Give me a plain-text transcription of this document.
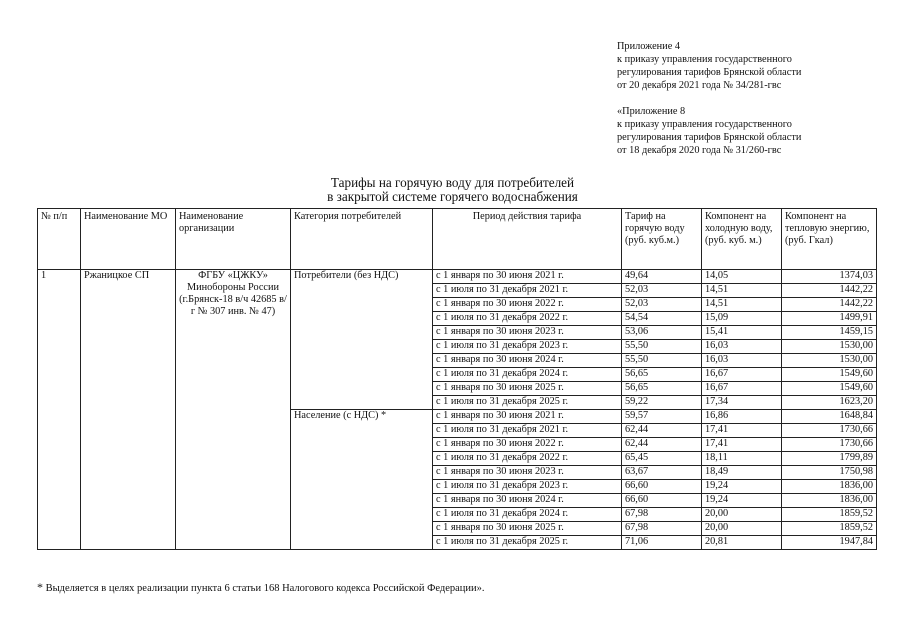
Приложение 4
к приказу управления государственного
регулирования тарифов Брянской области
от 20 декабря 2021 года № 34/281-гвс
«Приложение 8
к приказу управления государственного
регулирования тарифов Брянской области
от 18 декабря 2020 года № 31/260-гвс
Тарифы на горячую воду для потребителей
в закрытой системе горячего водоснабжения
№ п/п	Наименование МО	Наименование организации	Категория потребителей	Период действия тарифа	Тариф на горячую воду (руб. куб.м.)	Компонент на холодную воду, (руб. куб. м.)	Компонент на тепловую энергию, (руб. Гкал)
1	Ржаницкое СП	ФГБУ «ЦЖКУ» Минобороны России (г.Брянск-18 в/ч 42685 в/г № 307 инв. № 47)	Потребители (без НДС)	с 1 января по 30 июня 2021 г.	49,64	14,05	1374,03
				с 1 июля по 31 декабря 2021 г.	52,03	14,51	1442,22
				с 1 января по 30 июня 2022 г.	52,03	14,51	1442,22
				с 1 июля по 31 декабря 2022 г.	54,54	15,09	1499,91
				с 1 января по 30 июня 2023 г.	53,06	15,41	1459,15
				с 1 июля по 31 декабря 2023 г.	55,50	16,03	1530,00
				с 1 января по 30 июня 2024 г.	55,50	16,03	1530,00
				с 1 июля по 31 декабря 2024 г.	56,65	16,67	1549,60
				с 1 января по 30 июня 2025 г.	56,65	16,67	1549,60
				с 1 июля по 31 декабря 2025 г.	59,22	17,34	1623,20
			Население (с НДС) *	с 1 января по 30 июня 2021 г.	59,57	16,86	1648,84
				с 1 июля по 31 декабря 2021 г.	62,44	17,41	1730,66
				с 1 января по 30 июня 2022 г.	62,44	17,41	1730,66
				с 1 июля по 31 декабря 2022 г.	65,45	18,11	1799,89
				с 1 января по 30 июня 2023 г.	63,67	18,49	1750,98
				с 1 июля по 31 декабря 2023 г.	66,60	19,24	1836,00
				с 1 января по 30 июня 2024 г.	66,60	19,24	1836,00
				с 1 июля по 31 декабря 2024 г.	67,98	20,00	1859,52
				с 1 января по 30 июня 2025 г.	67,98	20,00	1859,52
				с 1 июля по 31 декабря 2025 г.	71,06	20,81	1947,84
* Выделяется в целях реализации пункта 6 статьи 168 Налогового кодекса Российской Федерации».
